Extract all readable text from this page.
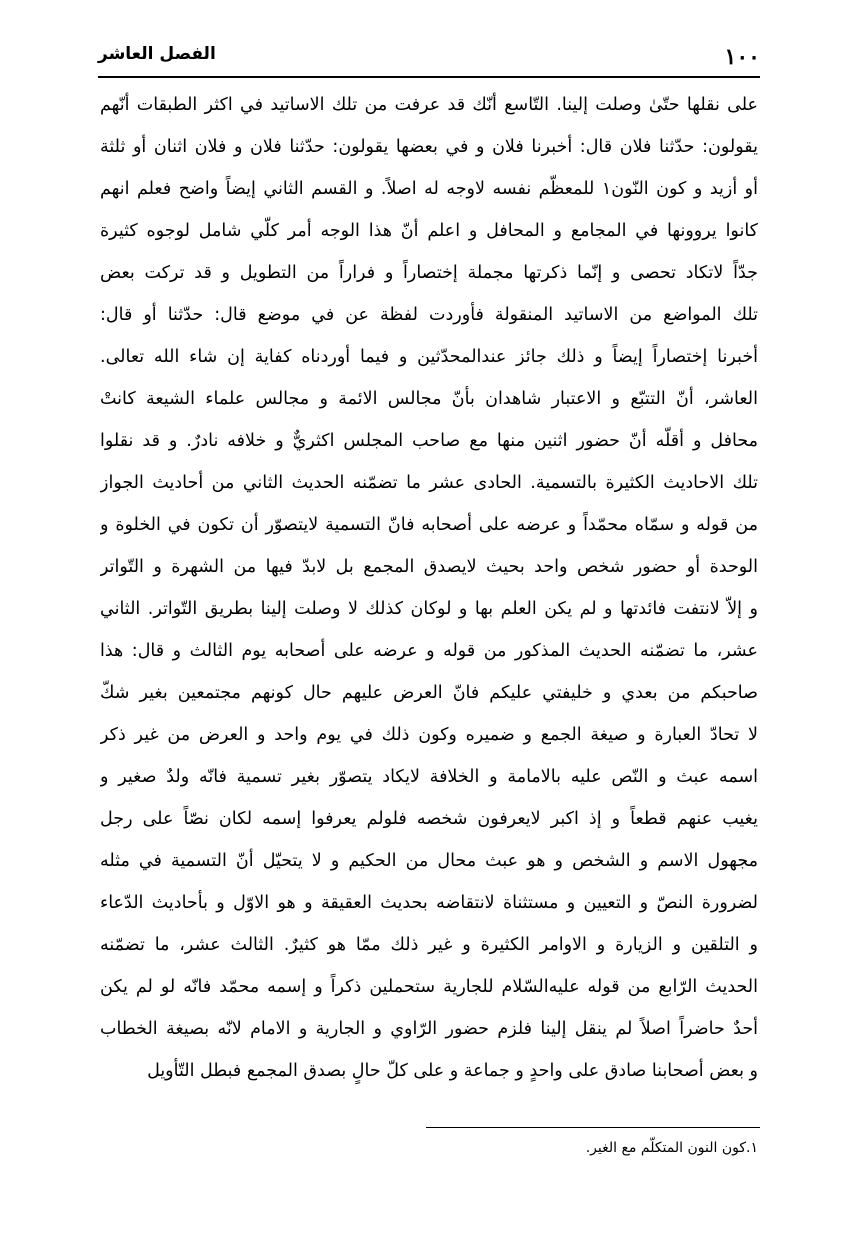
١٠٠
الفصل العاشر
على نقلها حتّىٰ وصلت إلينا. التّاسع أنّك قد عرفت من تلك الاساتيد في اكثر الطبقات أنّهم
يقولون: حدّثنا فلان قال: أخبرنا فلان و في بعضها يقولون: حدّثنا فلان و فلان اثنان أو ثلثة
أو أزيد و كون النّون١ للمعظّم نفسه لاوجه له اصلاً. و القسم الثاني إيضاً واضح فعلم انهم
كانوا يروونها في المجامع و المحافل و اعلم أنّ هذا الوجه أمر كلّي شامل لوجوه كثيرة
جدّاً لاتكاد تحصى و إنّما ذكرتها مجملة إختصاراً و فراراً من التطويل و قد تركت بعض
تلك المواضع من الاساتيد المنقولة فأوردت لفظة عن في موضع قال: حدّثنا أو قال:
أخبرنا إختصاراً إيضاً و ذلك جائز عندالمحدّثين و فيما أوردناه كفاية إن شاء الله تعالى.
العاشر، أنّ التتبّع و الاعتبار شاهدان بأنّ مجالس الائمة و مجالس علماء الشيعة كانتْ
محافل و أقلّه أنّ حضور اثنين منها مع صاحب المجلس اكثريٌّ و خلافه نادرٌ. و قد نقلوا
تلك الاحاديث الكثيرة بالتسمية. الحادى عشر ما تضمّنه الحديث الثاني من أحاديث الجواز
من قوله و سمّاه محمّداً و عرضه على أصحابه فانّ التسمية لايتصوّر أن تكون في الخلوة و
الوحدة أو حضور شخص واحد بحيث لايصدق المجمع بل لابدّ فيها من الشهرة و التّواتر
و إلاّ لانتفت فائدتها و لم يكن العلم بها و لوكان كذلك لا وصلت إلينا بطريق التّواتر. الثاني
عشر، ما تضمّنه الحديث المذكور من قوله و عرضه على أصحابه يوم الثالث و قال: هذا
صاحبكم من بعدي و خليفتي عليكم فانّ العرض عليهم حال كونهم مجتمعين بغير شكّ
لا تحادّ العبارة و صيغة الجمع و ضميره وكون ذلك في يوم واحد و العرض من غير ذكر
اسمه عبث و النّص عليه بالامامة و الخلافة لايكاد يتصوّر بغير تسمية فانّه ولدٌ صغير و
يغيب عنهم قطعاً و إذ اكبر لايعرفون شخصه فلولم يعرفوا إسمه لكان نصّاً على رجل
مجهول الاسم و الشخص و هو عبث محال من الحكيم و لا يتحيّل أنّ التسمية في مثله
لضرورة النصّ و التعيين و مستثناة لانتقاضه بحديث العقيقة و هو الاوّل و بأحاديث الدّعاء
و التلقين و الزيارة و الاوامر الكثيرة و غير ذلك ممّا هو كثيرٌ. الثالث عشر، ما تضمّنه
الحديث الرّابع من قوله عليه‌السّلام للجارية ستحملين ذكراً و إسمه محمّد فانّه لو لم يكن
أحدٌ حاضراً اصلاً لم ينقل إلينا فلزم حضور الرّاوي و الجارية و الامام لانّه بصيغة الخطاب
و بعض أصحابنا صادق على واحدٍ و جماعة و على كلّ حالٍ بصدق المجمع فبطل التّأويل
١.كون النون المتكلّم مع الغير.
